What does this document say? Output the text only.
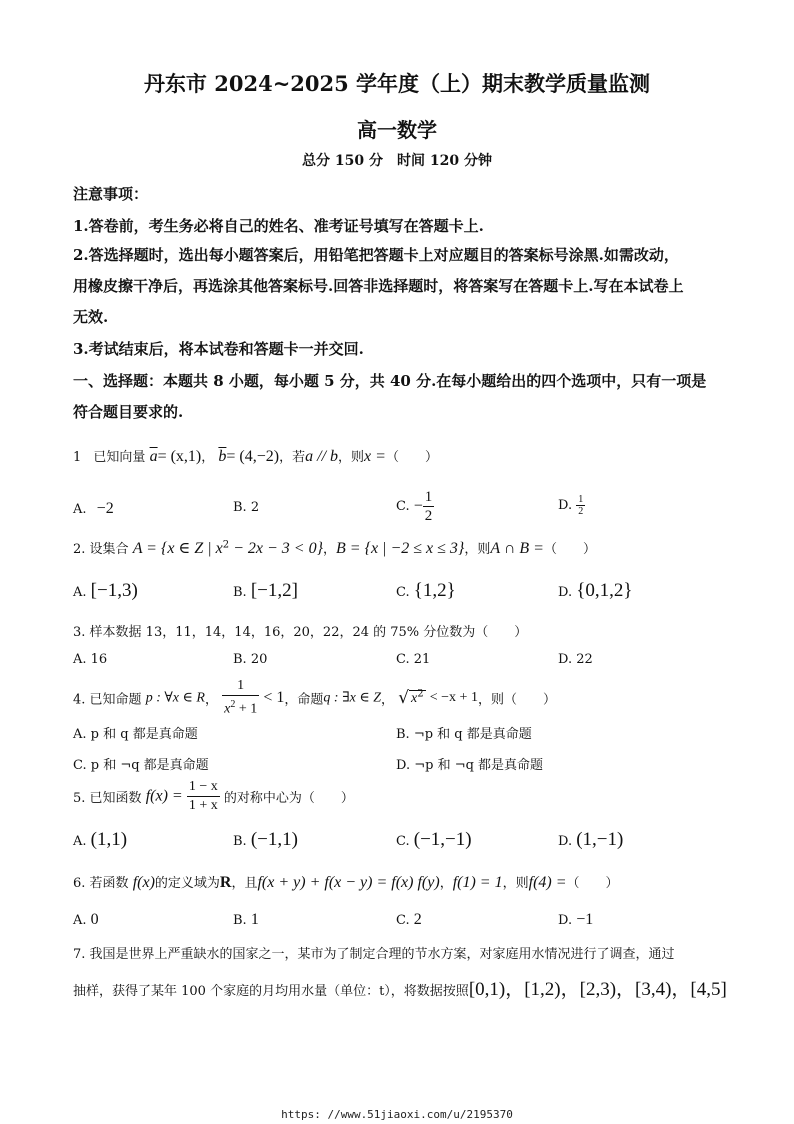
丹东市 2024~2025 学年度（上）期末教学质量监测
高一数学
总分 150 分　时间 120 分钟
注意事项：
1.答卷前，考生务必将自己的姓名、准考证号填写在答题卡上.
2.答选择题时，选出每小题答案后，用铅笔把答题卡上对应题目的答案标号涂黑.如需改动，
用橡皮擦干净后，再选涂其他答案标号.回答非选择题时，将答案写在答题卡上.写在本试卷上
无效.
3.考试结束后，将本试卷和答题卡一并交回.
一、选择题：本题共 8 小题，每小题 5 分，共 40 分.在每小题给出的四个选项中，只有一项是
符合题目要求的.
1 已知向量 $\overline{a}= (x,1)$， $\overline{b}= (4,-2)$，若a // b，则x =（　　）
A. −2	B. 2	C. − $\frac{1}{2}$	D. $\frac{1}{2}$
2. 设集合 A = {x ∈ Z | $x^2 - 2x - 3 < 0$}，B = {x | −2 ≤ x ≤ 3}，则A ∩ B =（　　）
A. [−1,3)	B. [−1,2]	C. {1,2}	D. {0,1,2}
3. 样本数据 13，11，14，14，16，20，22，24 的 75% 分位数为（　　）
A. 16	B. 20	C. 21	D. 22
4. 已知命题 p : ∀x ∈ R， $\frac{1}{x^2 + 1} < 1$，命题q : ∃x ∈ Z， √ $x^2 < -x + 1$，则（　　）
A. p 和 q 都是真命题	B. ¬p 和 q 都是真命题
C. p 和 ¬q 都是真命题	D. ¬p 和 ¬q 都是真命题
5. 已知函数 $f(x) = \frac{1 - x}{1 + x}$ 的对称中心为（　　）
A. (1,1)	B. (−1,1)	C. (−1,−1)	D. (1,−1)
6. 若函数 f(x)的定义域为R，且f(x + y) + f(x − y) = f(x) f(y)，f(1) = 1，则f(4) =（　　）
A. 0	B. 1	C. 2	D. −1
7. 我国是世界上严重缺水的国家之一，某市为了制定合理的节水方案，对家庭用水情况进行了调查，通过
抽样，获得了某年 100 个家庭的月均用水量（单位：t），将数据按照[0,1)，[1,2)，[2,3)，[3,4)，[4,5]
https: //www.51jiaoxi.com/u/2195370
